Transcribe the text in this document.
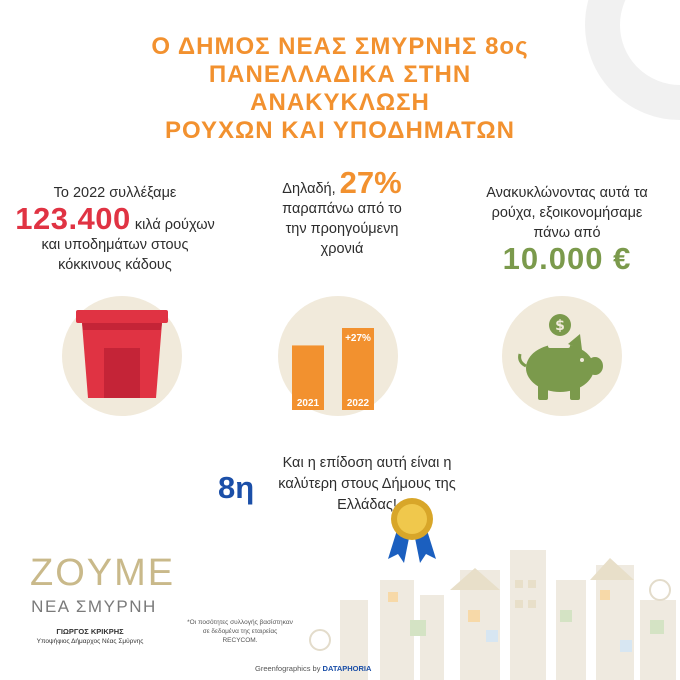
Ο ΔΗΜΟΣ ΝΕΑΣ ΣΜΥΡΝΗΣ 8ος
ΠΑΝΕΛΛΑΔΙΚΑ ΣΤΗΝ
ΑΝΑΚΥΚΛΩΣΗ
ΡΟΥΧΩΝ ΚΑΙ ΥΠΟΔΗΜΑΤΩΝ
Το 2022 συλλέξαμε
123.400 κιλά ρούχων
και υποδημάτων στους
κόκκινους κάδους
Δηλαδή, 27%
παραπάνω από το
την προηγούμενη
χρονιά
2021	2022
+27%
Ανακυκλώνοντας αυτά τα
ρούχα, εξοικονομήσαμε
πάνω από
10.000 €
$
8η
Και η επίδοση αυτή είναι η
καλύτερη στους Δήμους της
Ελλάδας!
ZOYME
ΝΕΑ ΣΜΥΡΝΗ
ΓΙΩΡΓΟΣ ΚΡΙΚΡΗΣ
Υποψήφιος Δήμαρχος Νέας Σμύρνης
*Οι ποσότητες συλλογής βασίστηκαν σε δεδομένα της εταιρείας RECYCOM.
Greenfographics by DATAPHORIA
